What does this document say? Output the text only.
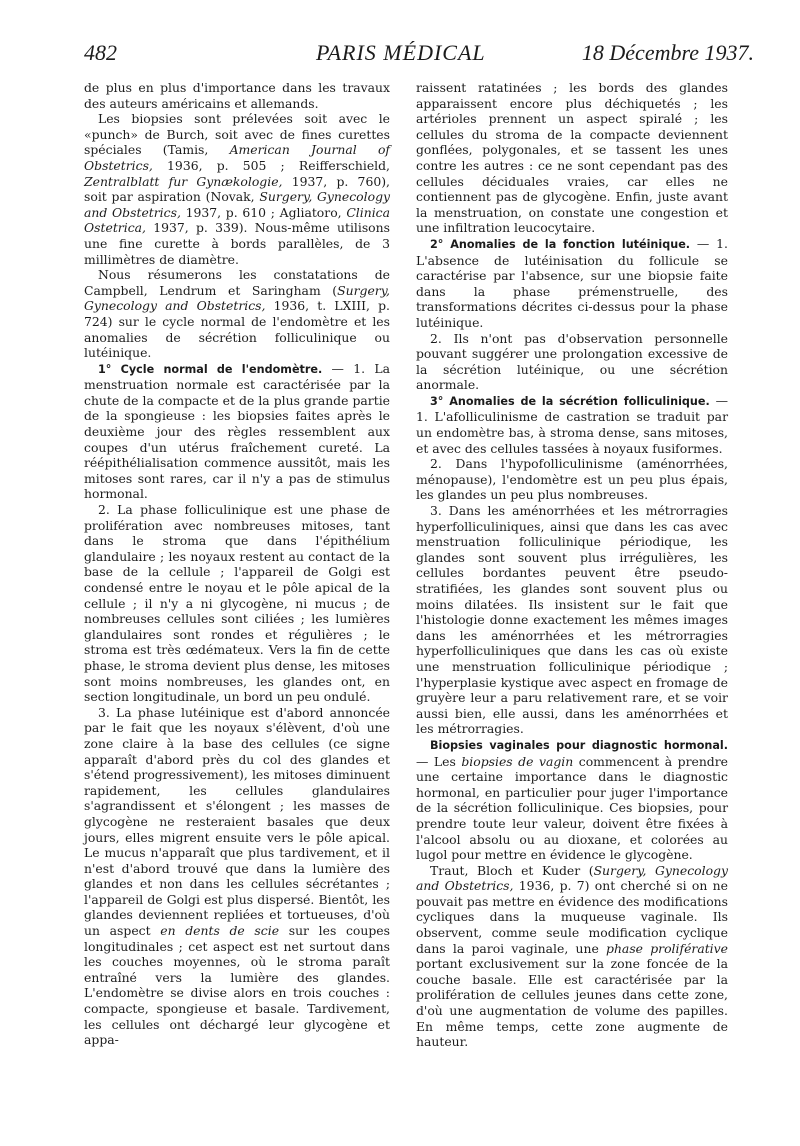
482	PARIS MÉDICAL	18 Décembre 1937.

de plus en plus d'importance dans les travaux des auteurs américains et allemands.

Les biopsies sont prélevées soit avec le «punch» de Burch, soit avec de fines curettes spéciales (Tamis, American Journal of Obstetrics, 1936, p. 505 ; Reifferschield, Zentralblatt fur Gynækologie, 1937, p. 760), soit par aspiration (Novak, Surgery, Gynecology and Obstetrics, 1937, p. 610 ; Agliatoro, Clinica Ostetrica, 1937, p. 339). Nous-même utilisons une fine curette à bords parallèles, de 3 millimètres de diamètre.

Nous résumerons les constatations de Campbell, Lendrum et Saringham (Surgery, Gynecology and Obstetrics, 1936, t. LXIII, p. 724) sur le cycle normal de l'endomètre et les anomalies de sécrétion folliculinique ou lutéinique.

1° Cycle normal de l'endomètre. — 1. La menstruation normale est caractérisée par la chute de la compacte et de la plus grande partie de la spongieuse : les biopsies faites après le deuxième jour des règles ressemblent aux coupes d'un utérus fraîchement cureté. La réépithélialisation commence aussitôt, mais les mitoses sont rares, car il n'y a pas de stimulus hormonal.

2. La phase folliculinique est une phase de prolifération avec nombreuses mitoses, tant dans le stroma que dans l'épithélium glandulaire ; les noyaux restent au contact de la base de la cellule ; l'appareil de Golgi est condensé entre le noyau et le pôle apical de la cellule ; il n'y a ni glycogène, ni mucus ; de nombreuses cellules sont ciliées ; les lumières glandulaires sont rondes et régulières ; le stroma est très œdémateux. Vers la fin de cette phase, le stroma devient plus dense, les mitoses sont moins nombreuses, les glandes ont, en section longitudinale, un bord un peu ondulé.

3. La phase lutéinique est d'abord annoncée par le fait que les noyaux s'élèvent, d'où une zone claire à la base des cellules (ce signe apparaît d'abord près du col des glandes et s'étend progressivement), les mitoses diminuent rapidement, les cellules glandulaires s'agrandissent et s'élongent ; les masses de glycogène ne resteraient basales que deux jours, elles migrent ensuite vers le pôle apical. Le mucus n'apparaît que plus tardivement, et il n'est d'abord trouvé que dans la lumière des glandes et non dans les cellules sécrétantes ; l'appareil de Golgi est plus dispersé. Bientôt, les glandes deviennent repliées et tortueuses, d'où un aspect en dents de scie sur les coupes longitudinales ; cet aspect est net surtout dans les couches moyennes, où le stroma paraît entraîné vers la lumière des glandes. L'endomètre se divise alors en trois couches : compacte, spongieuse et basale. Tardivement, les cellules ont déchargé leur glycogène et appa-

raissent ratatinées ; les bords des glandes apparaissent encore plus déchiquetés ; les artérioles prennent un aspect spiralé ; les cellules du stroma de la compacte deviennent gonflées, polygonales, et se tassent les unes contre les autres : ce ne sont cependant pas des cellules déciduales vraies, car elles ne contiennent pas de glycogène. Enfin, juste avant la menstruation, on constate une congestion et une infiltration leucocytaire.

2° Anomalies de la fonction lutéinique. — 1. L'absence de lutéinisation du follicule se caractérise par l'absence, sur une biopsie faite dans la phase prémenstruelle, des transformations décrites ci-dessus pour la phase lutéinique.

2. Ils n'ont pas d'observation personnelle pouvant suggérer une prolongation excessive de la sécrétion lutéinique, ou une sécrétion anormale.

3° Anomalies de la sécrétion folliculinique. — 1. L'afolliculinisme de castration se traduit par un endomètre bas, à stroma dense, sans mitoses, et avec des cellules tassées à noyaux fusiformes.

2. Dans l'hypofolliculinisme (aménorrhées, ménopause), l'endomètre est un peu plus épais, les glandes un peu plus nombreuses.

3. Dans les aménorrhées et les métrorragies hyperfolliculiniques, ainsi que dans les cas avec menstruation folliculinique périodique, les glandes sont souvent plus irrégulières, les cellules bordantes peuvent être pseudo-stratifiées, les glandes sont souvent plus ou moins dilatées. Ils insistent sur le fait que l'histologie donne exactement les mêmes images dans les aménorrhées et les métrorragies hyperfolliculiniques que dans les cas où existe une menstruation folliculinique périodique ; l'hyperplasie kystique avec aspect en fromage de gruyère leur a paru relativement rare, et se voir aussi bien, elle aussi, dans les aménorrhées et les métrorragies.

Biopsies vaginales pour diagnostic hormonal. — Les biopsies de vagin commencent à prendre une certaine importance dans le diagnostic hormonal, en particulier pour juger l'importance de la sécrétion folliculinique. Ces biopsies, pour prendre toute leur valeur, doivent être fixées à l'alcool absolu ou au dioxane, et colorées au lugol pour mettre en évidence le glycogène.

Traut, Bloch et Kuder (Surgery, Gynecology and Obstetrics, 1936, p. 7) ont cherché si on ne pouvait pas mettre en évidence des modifications cycliques dans la muqueuse vaginale. Ils observent, comme seule modification cyclique dans la paroi vaginale, une phase proliférative portant exclusivement sur la zone foncée de la couche basale. Elle est caractérisée par la prolifération de cellules jeunes dans cette zone, d'où une augmentation de volume des papilles. En même temps, cette zone augmente de hauteur.
